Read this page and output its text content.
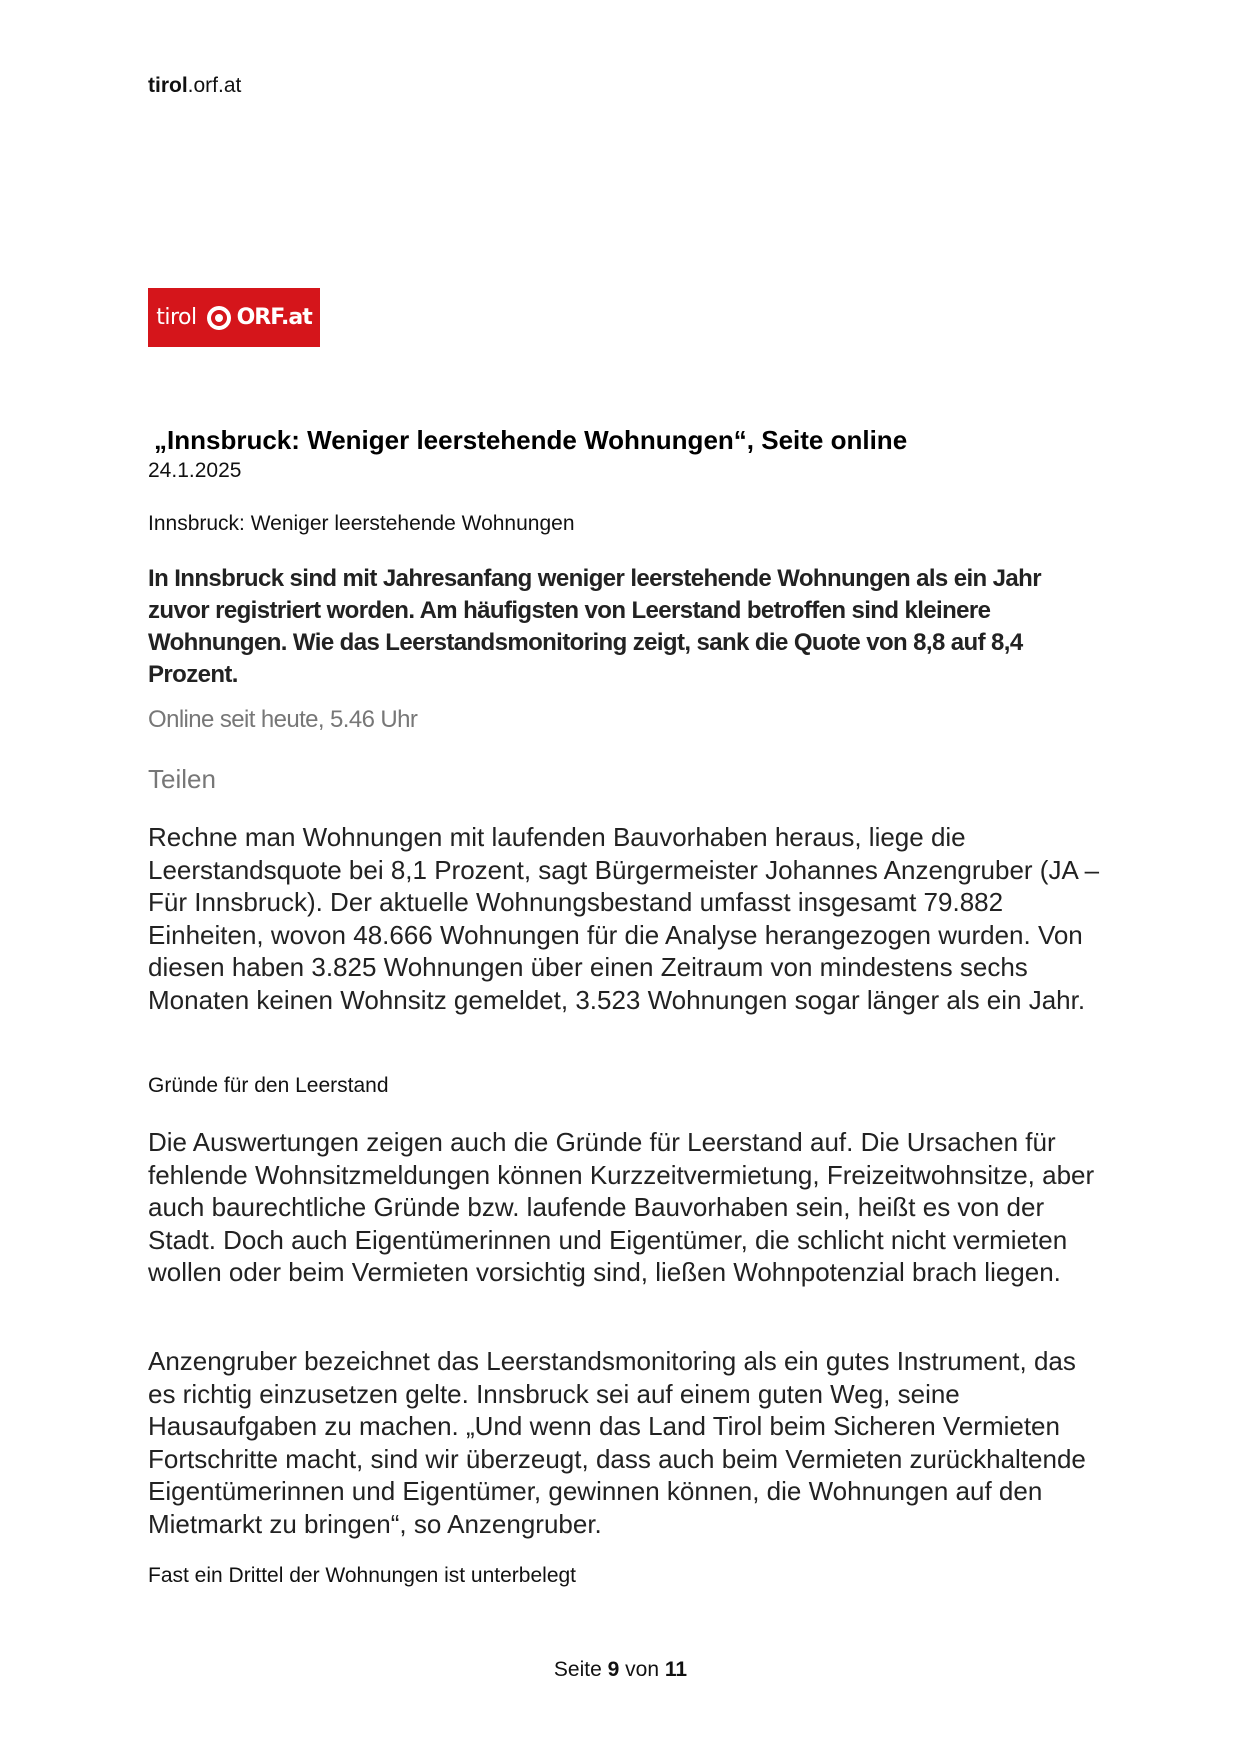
tirol.orf.at
tirol ORF.at
„Innsbruck: Weniger leerstehende Wohnungen“, Seite online
24.1.2025
Innsbruck: Weniger leerstehende Wohnungen
In Innsbruck sind mit Jahresanfang weniger leerstehende Wohnungen als ein Jahr zuvor registriert worden. Am häufigsten von Leerstand betroffen sind kleinere Wohnungen. Wie das Leerstandsmonitoring zeigt, sank die Quote von 8,8 auf 8,4 Prozent.
Online seit heute, 5.46 Uhr
Teilen
Rechne man Wohnungen mit laufenden Bauvorhaben heraus, liege die Leerstandsquote bei 8,1 Prozent, sagt Bürgermeister Johannes Anzengruber (JA – Für Innsbruck). Der aktuelle Wohnungsbestand umfasst insgesamt 79.882 Einheiten, wovon 48.666 Wohnungen für die Analyse herangezogen wurden. Von diesen haben 3.825 Wohnungen über einen Zeitraum von mindestens sechs Monaten keinen Wohnsitz gemeldet, 3.523 Wohnungen sogar länger als ein Jahr.
Gründe für den Leerstand
Die Auswertungen zeigen auch die Gründe für Leerstand auf. Die Ursachen für fehlende Wohnsitzmeldungen können Kurzzeitvermietung, Freizeitwohnsitze, aber auch baurechtliche Gründe bzw. laufende Bauvorhaben sein, heißt es von der Stadt. Doch auch Eigentümerinnen und Eigentümer, die schlicht nicht vermieten wollen oder beim Vermieten vorsichtig sind, ließen Wohnpotenzial brach liegen.
Anzengruber bezeichnet das Leerstandsmonitoring als ein gutes Instrument, das es richtig einzusetzen gelte. Innsbruck sei auf einem guten Weg, seine Hausaufgaben zu machen. „Und wenn das Land Tirol beim Sicheren Vermieten Fortschritte macht, sind wir überzeugt, dass auch beim Vermieten zurückhaltende Eigentümerinnen und Eigentümer, gewinnen können, die Wohnungen auf den Mietmarkt zu bringen“, so Anzengruber.
Fast ein Drittel der Wohnungen ist unterbelegt
Seite 9 von 11
